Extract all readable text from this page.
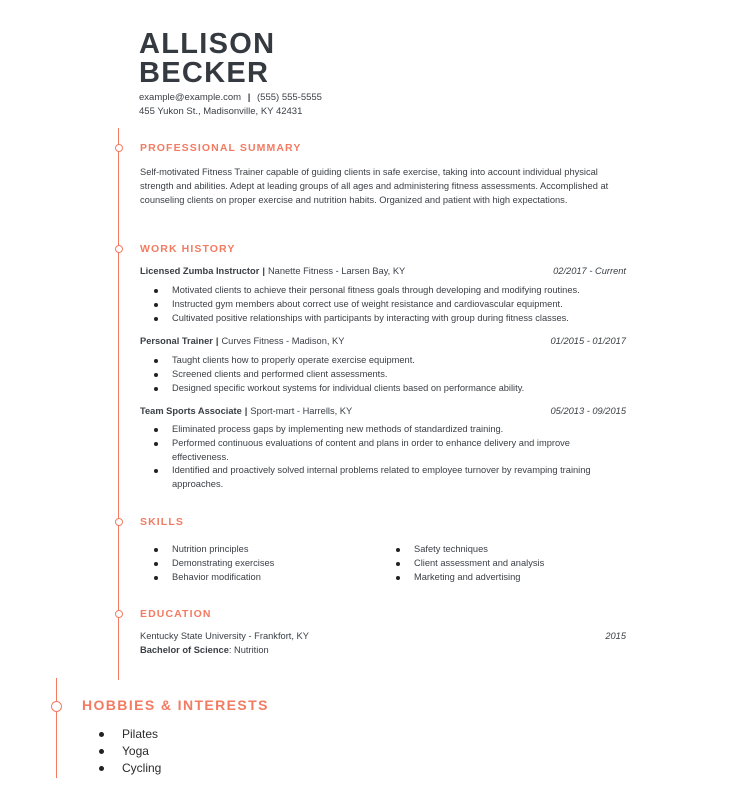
ALLISON
BECKER
example@example.com | (555) 555-5555
455 Yukon St., Madisonville, KY 42431
PROFESSIONAL SUMMARY
Self-motivated Fitness Trainer capable of guiding clients in safe exercise, taking into account individual physical strength and abilities. Adept at leading groups of all ages and administering fitness assessments. Accomplished at counseling clients on proper exercise and nutrition habits. Organized and patient with high expectations.
WORK HISTORY
Licensed Zumba Instructor | Nanette Fitness - Larsen Bay, KY	02/2017 - Current
Motivated clients to achieve their personal fitness goals through developing and modifying routines.
Instructed gym members about correct use of weight resistance and cardiovascular equipment.
Cultivated positive relationships with participants by interacting with group during fitness classes.
Personal Trainer | Curves Fitness - Madison, KY	01/2015 - 01/2017
Taught clients how to properly operate exercise equipment.
Screened clients and performed client assessments.
Designed specific workout systems for individual clients based on performance ability.
Team Sports Associate | Sport-mart - Harrells, KY	05/2013 - 09/2015
Eliminated process gaps by implementing new methods of standardized training.
Performed continuous evaluations of content and plans in order to enhance delivery and improve effectiveness.
Identified and proactively solved internal problems related to employee turnover by revamping training approaches.
SKILLS
Nutrition principles
Demonstrating exercises
Behavior modification
Safety techniques
Client assessment and analysis
Marketing and advertising
EDUCATION
Kentucky State University - Frankfort, KY	2015
Bachelor of Science: Nutrition
HOBBIES & INTERESTS
Pilates
Yoga
Cycling
